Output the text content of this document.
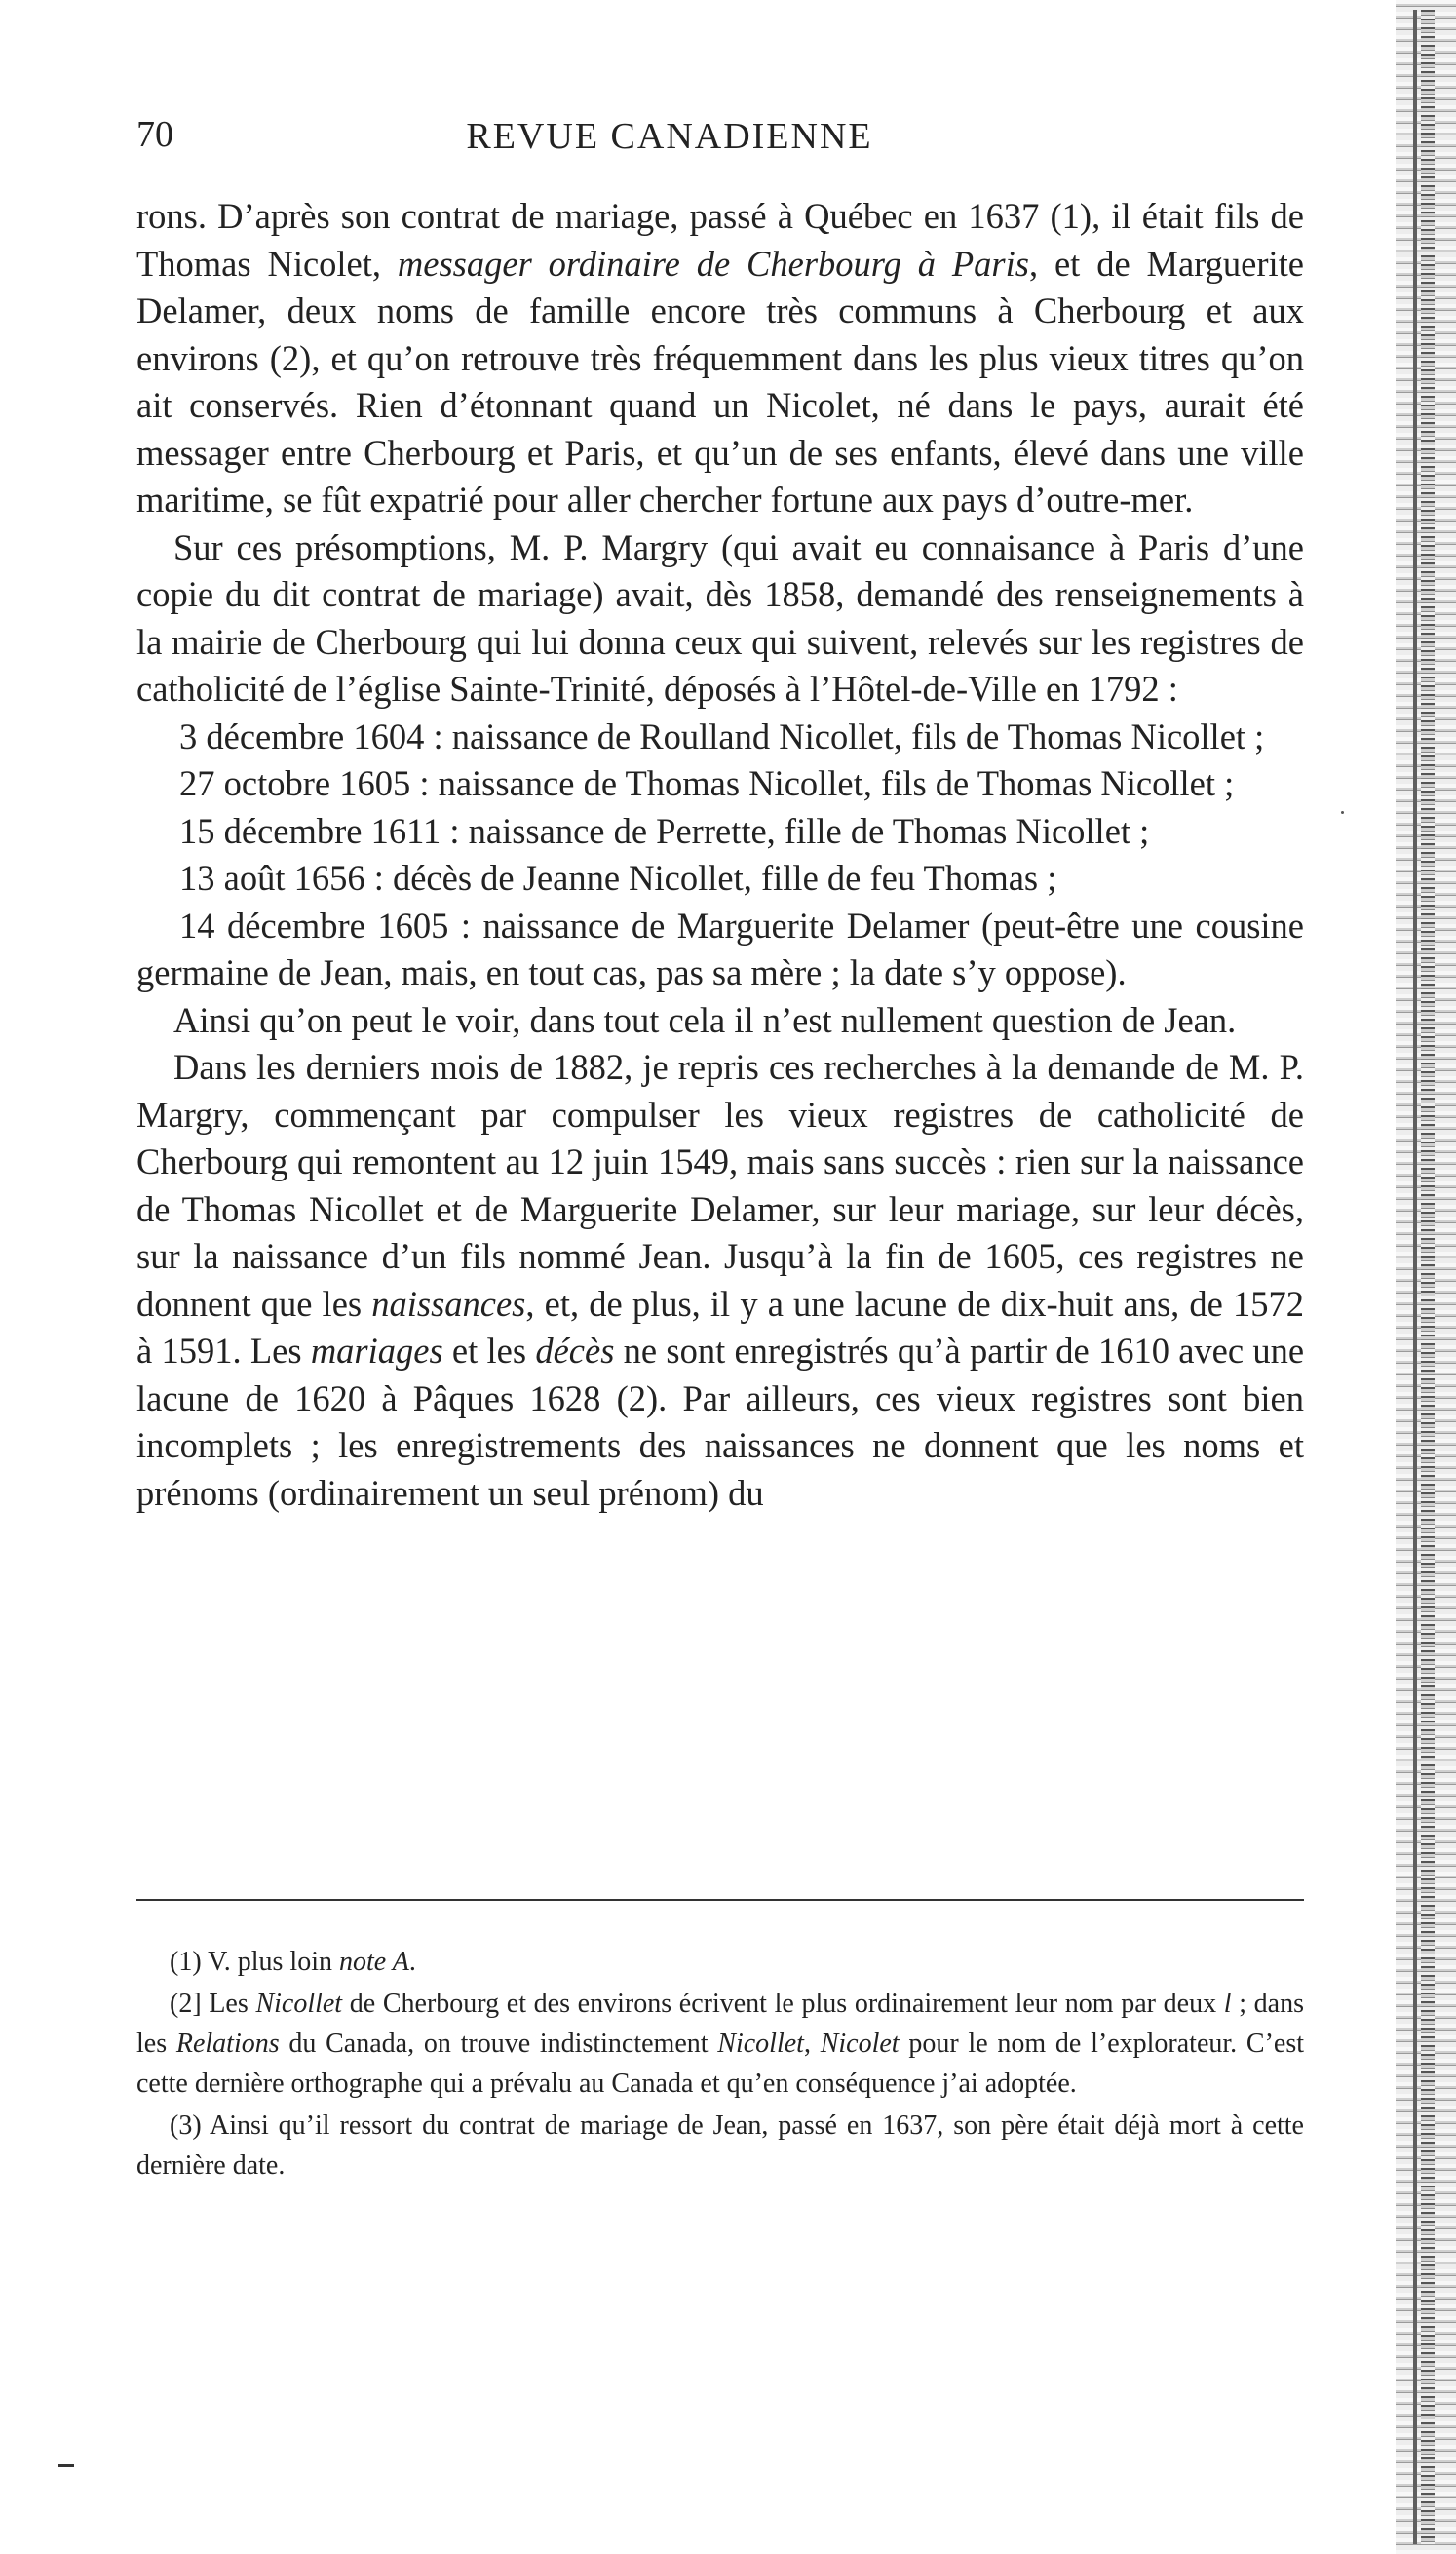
70	REVUE CANADIENNE

rons. D’après son contrat de mariage, passé à Québec en 1637 (1), il était fils de Thomas Nicolet, messager ordinaire de Cherbourg à Paris, et de Marguerite Delamer, deux noms de famille encore très communs à Cherbourg et aux environs (2), et qu’on retrouve très fréquemment dans les plus vieux titres qu’on ait conservés. Rien d’étonnant quand un Nicolet, né dans le pays, aurait été messager entre Cherbourg et Paris, et qu’un de ses enfants, élevé dans une ville maritime, se fût expatrié pour aller chercher fortune aux pays d’outre-mer.

Sur ces présomptions, M. P. Margry (qui avait eu connaisance à Paris d’une copie du dit contrat de mariage) avait, dès 1858, demandé des renseignements à la mairie de Cherbourg qui lui donna ceux qui suivent, relevés sur les registres de catholicité de l’église Sainte-Trinité, déposés à l’Hôtel-de-Ville en 1792 :

3 décembre 1604 : naissance de Roulland Nicollet, fils de Thomas Nicollet ;

27 octobre 1605 : naissance de Thomas Nicollet, fils de Thomas Nicollet ;

15 décembre 1611 : naissance de Perrette, fille de Thomas Nicollet ;

13 août 1656 : décès de Jeanne Nicollet, fille de feu Thomas ;

14 décembre 1605 : naissance de Marguerite Delamer (peut-être une cousine germaine de Jean, mais, en tout cas, pas sa mère ; la date s’y oppose).

Ainsi qu’on peut le voir, dans tout cela il n’est nullement question de Jean.

Dans les derniers mois de 1882, je repris ces recherches à la demande de M. P. Margry, commençant par compulser les vieux registres de catholicité de Cherbourg qui remontent au 12 juin 1549, mais sans succès : rien sur la naissance de Thomas Nicollet et de Marguerite Delamer, sur leur mariage, sur leur décès, sur la naissance d’un fils nommé Jean. Jusqu’à la fin de 1605, ces registres ne donnent que les naissances, et, de plus, il y a une lacune de dix-huit ans, de 1572 à 1591. Les mariages et les décès ne sont enregistrés qu’à partir de 1610 avec une lacune de 1620 à Pâques 1628 (2). Par ailleurs, ces vieux registres sont bien incomplets ; les enregistrements des naissances ne donnent que les noms et prénoms (ordinairement un seul prénom) du

(1) V. plus loin note A.

(2] Les Nicollet de Cherbourg et des environs écrivent le plus ordinairement leur nom par deux l ; dans les Relations du Canada, on trouve indistinctement Nicollet, Nicolet pour le nom de l’explorateur. C’est cette dernière orthographe qui a prévalu au Canada et qu’en conséquence j’ai adoptée.

(3) Ainsi qu’il ressort du contrat de mariage de Jean, passé en 1637, son père était déjà mort à cette dernière date.
